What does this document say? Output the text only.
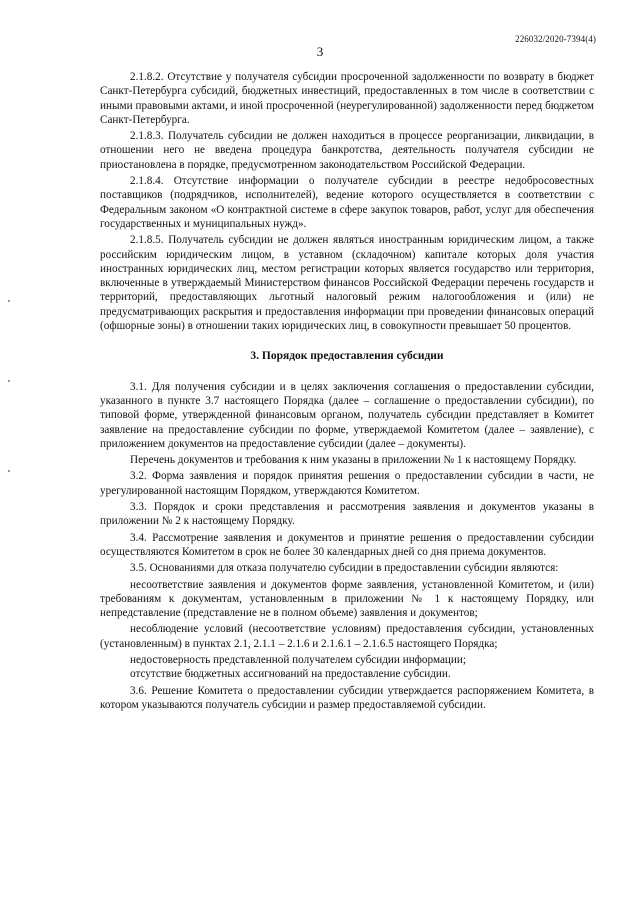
226032/2020-7394(4)
3

2.1.8.2. Отсутствие у получателя субсидии просроченной задолженности по возврату в бюджет Санкт-Петербурга субсидий, бюджетных инвестиций, предоставленных в том числе в соответствии с иными правовыми актами, и иной просроченной (неурегулированной) задолженности перед бюджетом Санкт-Петербурга.

2.1.8.3. Получатель субсидии не должен находиться в процессе реорганизации, ликвидации, в отношении него не введена процедура банкротства, деятельность получателя субсидии не приостановлена в порядке, предусмотренном законодательством Российской Федерации.

2.1.8.4. Отсутствие информации о получателе субсидии в реестре недобросовестных поставщиков (подрядчиков, исполнителей), ведение которого осуществляется в соответствии с Федеральным законом «О контрактной системе в сфере закупок товаров, работ, услуг для обеспечения государственных и муниципальных нужд».

2.1.8.5. Получатель субсидии не должен являться иностранным юридическим лицом, а также российским юридическим лицом, в уставном (складочном) капитале которых доля участия иностранных юридических лиц, местом регистрации которых является государство или территория, включенные в утверждаемый Министерством финансов Российской Федерации перечень государств и территорий, предоставляющих льготный налоговый режим налогообложения и (или) не предусматривающих раскрытия и предоставления информации при проведении финансовых операций (офшорные зоны) в отношении таких юридических лиц, в совокупности превышает 50 процентов.

3. Порядок предоставления субсидии

3.1. Для получения субсидии и в целях заключения соглашения о предоставлении субсидии, указанного в пункте 3.7 настоящего Порядка (далее – соглашение о предоставлении субсидии), по типовой форме, утвержденной финансовым органом, получатель субсидии представляет в Комитет заявление на предоставление субсидии по форме, утверждаемой Комитетом (далее – заявление), с приложением документов на предоставление субсидии (далее – документы).

Перечень документов и требования к ним указаны в приложении № 1 к настоящему Порядку.

3.2. Форма заявления и порядок принятия решения о предоставлении субсидии в части, не урегулированной настоящим Порядком, утверждаются Комитетом.

3.3. Порядок и сроки представления и рассмотрения заявления и документов указаны в приложении № 2 к настоящему Порядку.

3.4. Рассмотрение заявления и документов и принятие решения о предоставлении субсидии осуществляются Комитетом в срок не более 30 календарных дней со дня приема документов.

3.5. Основаниями для отказа получателю субсидии в предоставлении субсидии являются:

несоответствие заявления и документов форме заявления, установленной Комитетом, и (или) требованиям к документам, установленным в приложении № 1 к настоящему Порядку, или непредставление (представление не в полном объеме) заявления и документов;

несоблюдение условий (несоответствие условиям) предоставления субсидии, установленных (установленным) в пунктах 2.1, 2.1.1 – 2.1.6 и 2.1.6.1 – 2.1.6.5 настоящего Порядка;

недостоверность представленной получателем субсидии информации;

отсутствие бюджетных ассигнований на предоставление субсидии.

3.6. Решение Комитета о предоставлении субсидии утверждается распоряжением Комитета, в котором указываются получатель субсидии и размер предоставляемой субсидии.
